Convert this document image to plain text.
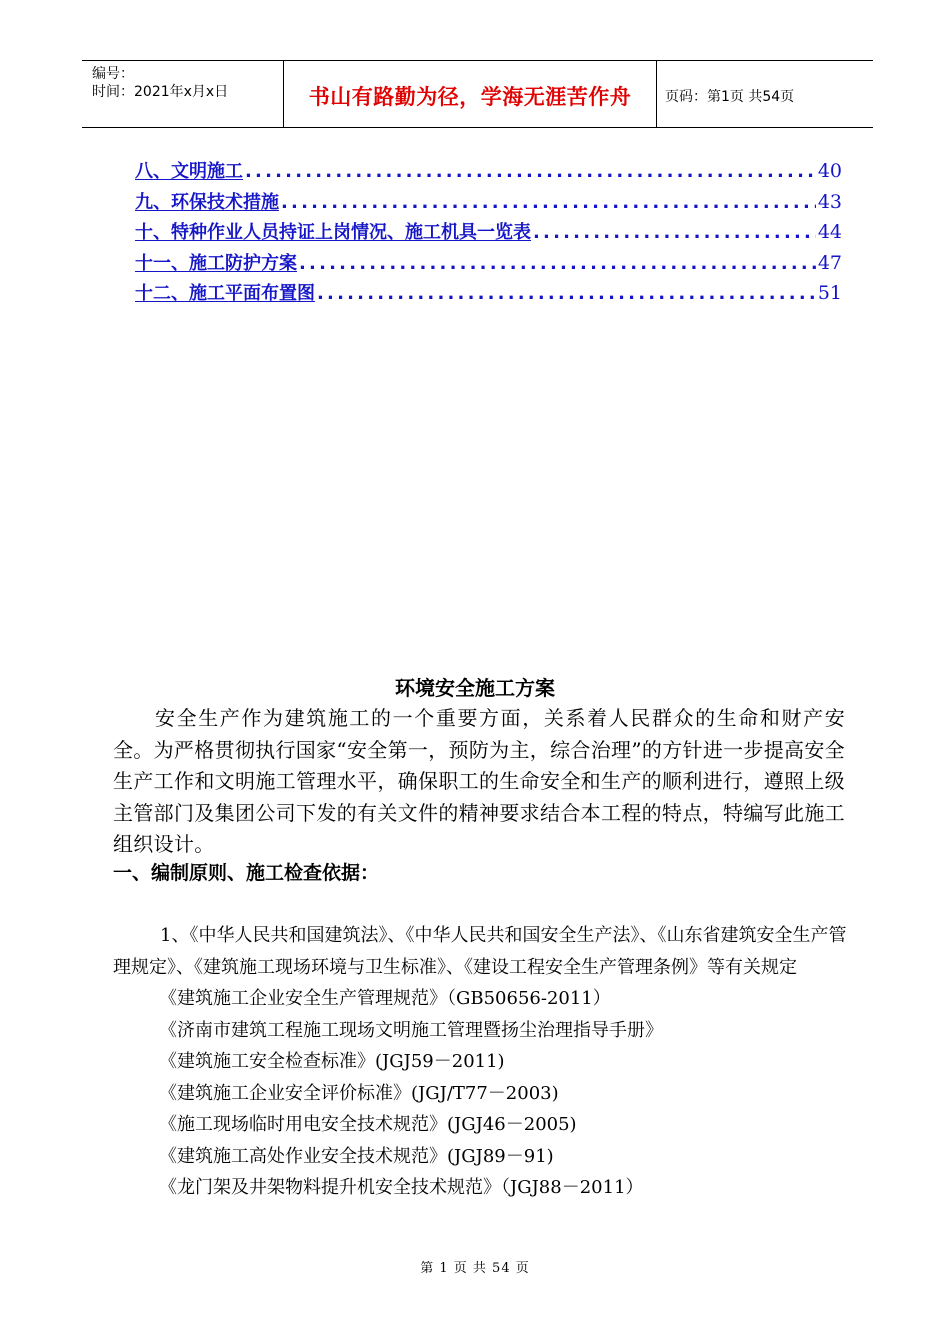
编号：
时间：2021年x月x日	书山有路勤为径，学海无涯苦作舟	页码：第1页 共54页
八、文明施工 .....	40
九、环保技术措施 .....	43
十、特种作业人员持证上岗情况、施工机具一览表 .....	44
十一、施工防护方案 .....	47
十二、施工平面布置图 .....	51
环境安全施工方案
安全生产作为建筑施工的一个重要方面，关系着人民群众的生命和财产安全。为严格贯彻执行国家“安全第一，预防为主，综合治理”的方针进一步提高安全生产工作和文明施工管理水平，确保职工的生命安全和生产的顺利进行，遵照上级主管部门及集团公司下发的有关文件的精神要求结合本工程的特点，特编写此施工组织设计。
一、编制原则、施工检查依据：

1、《中华人民共和国建筑法》、《中华人民共和国安全生产法》、《山东省建筑安全生产管理规定》、《建筑施工现场环境与卫生标准》、《建设工程安全生产管理条例》等有关规定

《建筑施工企业安全生产管理规范》（GB50656-2011）

《济南市建筑工程施工现场文明施工管理暨扬尘治理指导手册》

《建筑施工安全检查标准》(JGJ59－2011)

《建筑施工企业安全评价标准》(JGJ/T77－2003)

《施工现场临时用电安全技术规范》(JGJ46－2005)

《建筑施工高处作业安全技术规范》(JGJ89－91)

《龙门架及井架物料提升机安全技术规范》（JGJ88－2011）

第 1 页 共 54 页
